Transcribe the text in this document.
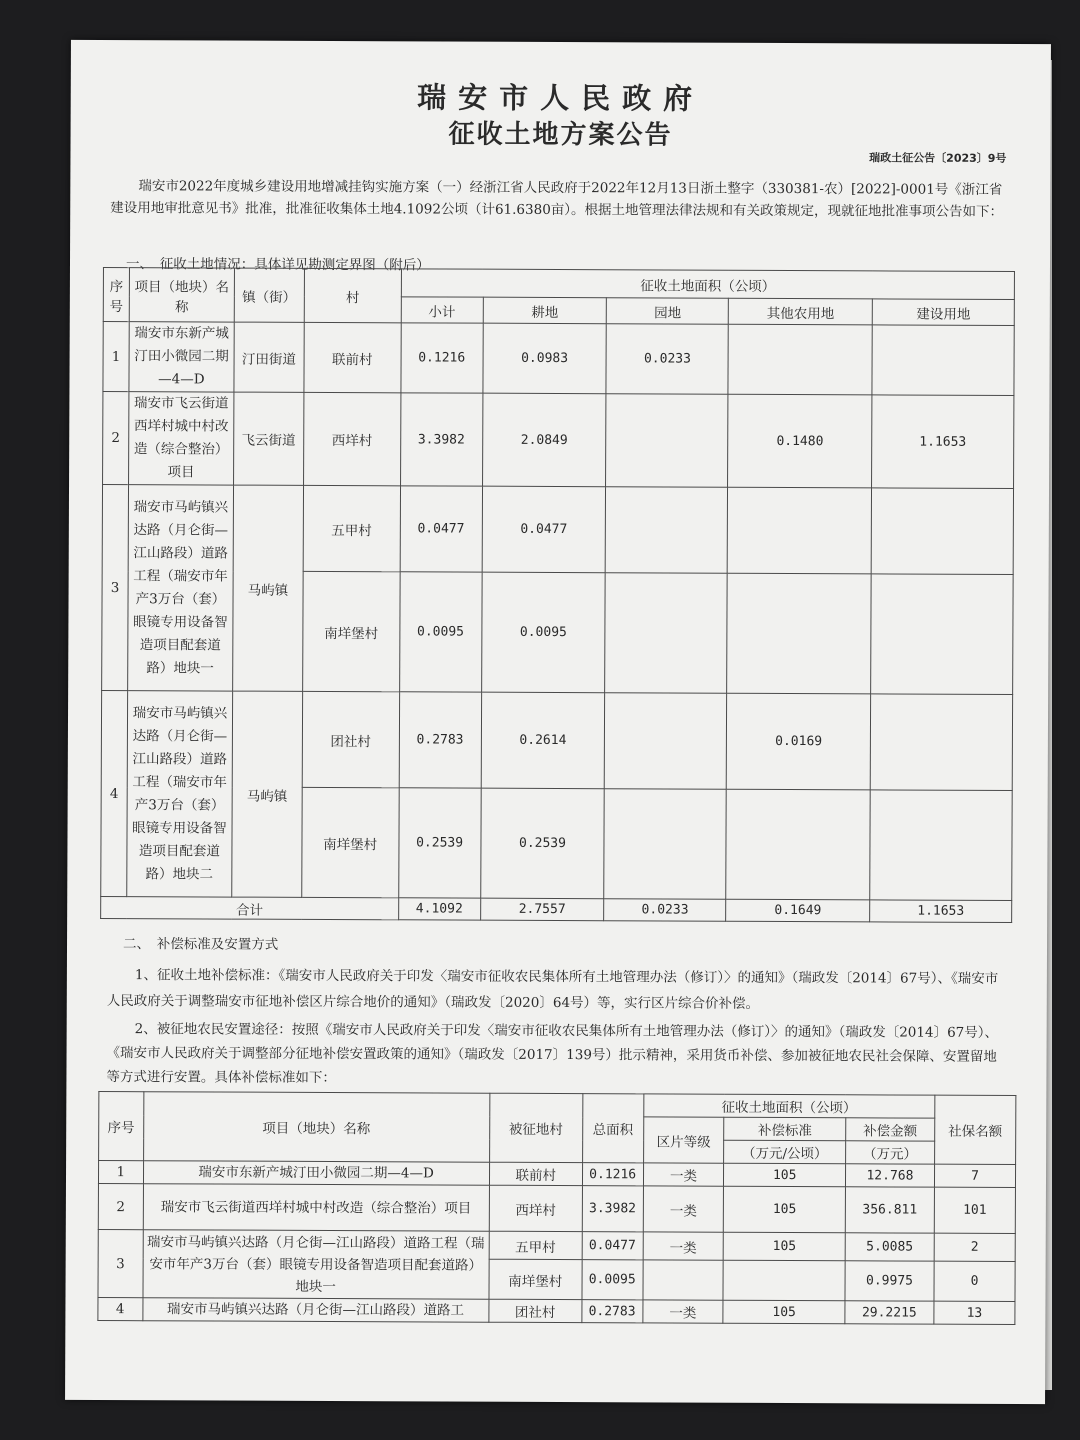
瑞安市人民政府
征收土地方案公告
瑞政土征公告〔2023〕9号
瑞安市2022年度城乡建设用地增减挂钩实施方案（一）经浙江省人民政府于2022年12月13日浙土整字（330381-农）[2022]-0001号《浙江省建设用地审批意见书》批准，批准征收集体土地4.1092公顷（计61.6380亩）。根据土地管理法律法规和有关政策规定，现就征地批准事项公告如下：
一、　征收土地情况：具体详见勘测定界图（附后）
序号	项目（地块）名称	镇（街）	村	征收土地面积（公顷）				
				小计	耕地	园地	其他农用地	建设用地
1	瑞安市东新产城汀田小微园二期—4—D	汀田街道	联前村	0.1216	0.0983	0.0233		
2	瑞安市飞云街道西垟村城中村改造（综合整治）项目	飞云街道	西垟村	3.3982	2.0849		0.1480	1.1653
3	瑞安市马屿镇兴达路（月仑街—江山路段）道路工程（瑞安市年产3万台（套）眼镜专用设备智造项目配套道路）地块一	马屿镇	五甲村	0.0477	0.0477			
			南垟堡村	0.0095	0.0095			
4	瑞安市马屿镇兴达路（月仑街—江山路段）道路工程（瑞安市年产3万台（套）眼镜专用设备智造项目配套道路）地块二	马屿镇	团社村	0.2783	0.2614		0.0169	
			南垟堡村	0.2539	0.2539			
合计				4.1092	2.7557	0.0233	0.1649	1.1653
二、　补偿标准及安置方式
1、征收土地补偿标准：《瑞安市人民政府关于印发〈瑞安市征收农民集体所有土地管理办法（修订）〉的通知》（瑞政发〔2014〕67号）、《瑞安市人民政府关于调整瑞安市征地补偿区片综合地价的通知》（瑞政发〔2020〕64号）等，实行区片综合价补偿。
2、被征地农民安置途径：按照《瑞安市人民政府关于印发〈瑞安市征收农民集体所有土地管理办法（修订）〉的通知》（瑞政发〔2014〕67号）、《瑞安市人民政府关于调整部分征地补偿安置政策的通知》（瑞政发〔2017〕139号）批示精神，采用货币补偿、参加被征地农民社会保障、安置留地等方式进行安置。具体补偿标准如下：
序号	项目（地块）名称	被征地村	总面积	征收土地面积（公顷）			社保名额
				区片等级	补偿标准	补偿金额	
					（万元/公顷）	（万元）	
1	瑞安市东新产城汀田小微园二期—4—D	联前村	0.1216	一类	105	12.768	7
2	瑞安市飞云街道西垟村城中村改造（综合整治）项目	西垟村	3.3982	一类	105	356.811	101
3	瑞安市马屿镇兴达路（月仑街—江山路段）道路工程（瑞安市年产3万台（套）眼镜专用设备智造项目配套道路）地块一	五甲村	0.0477	一类	105	5.0085	2
		南垟堡村	0.0095			0.9975	0
4	瑞安市马屿镇兴达路（月仑街—江山路段）道路工	团社村	0.2783	一类	105	29.2215	13
